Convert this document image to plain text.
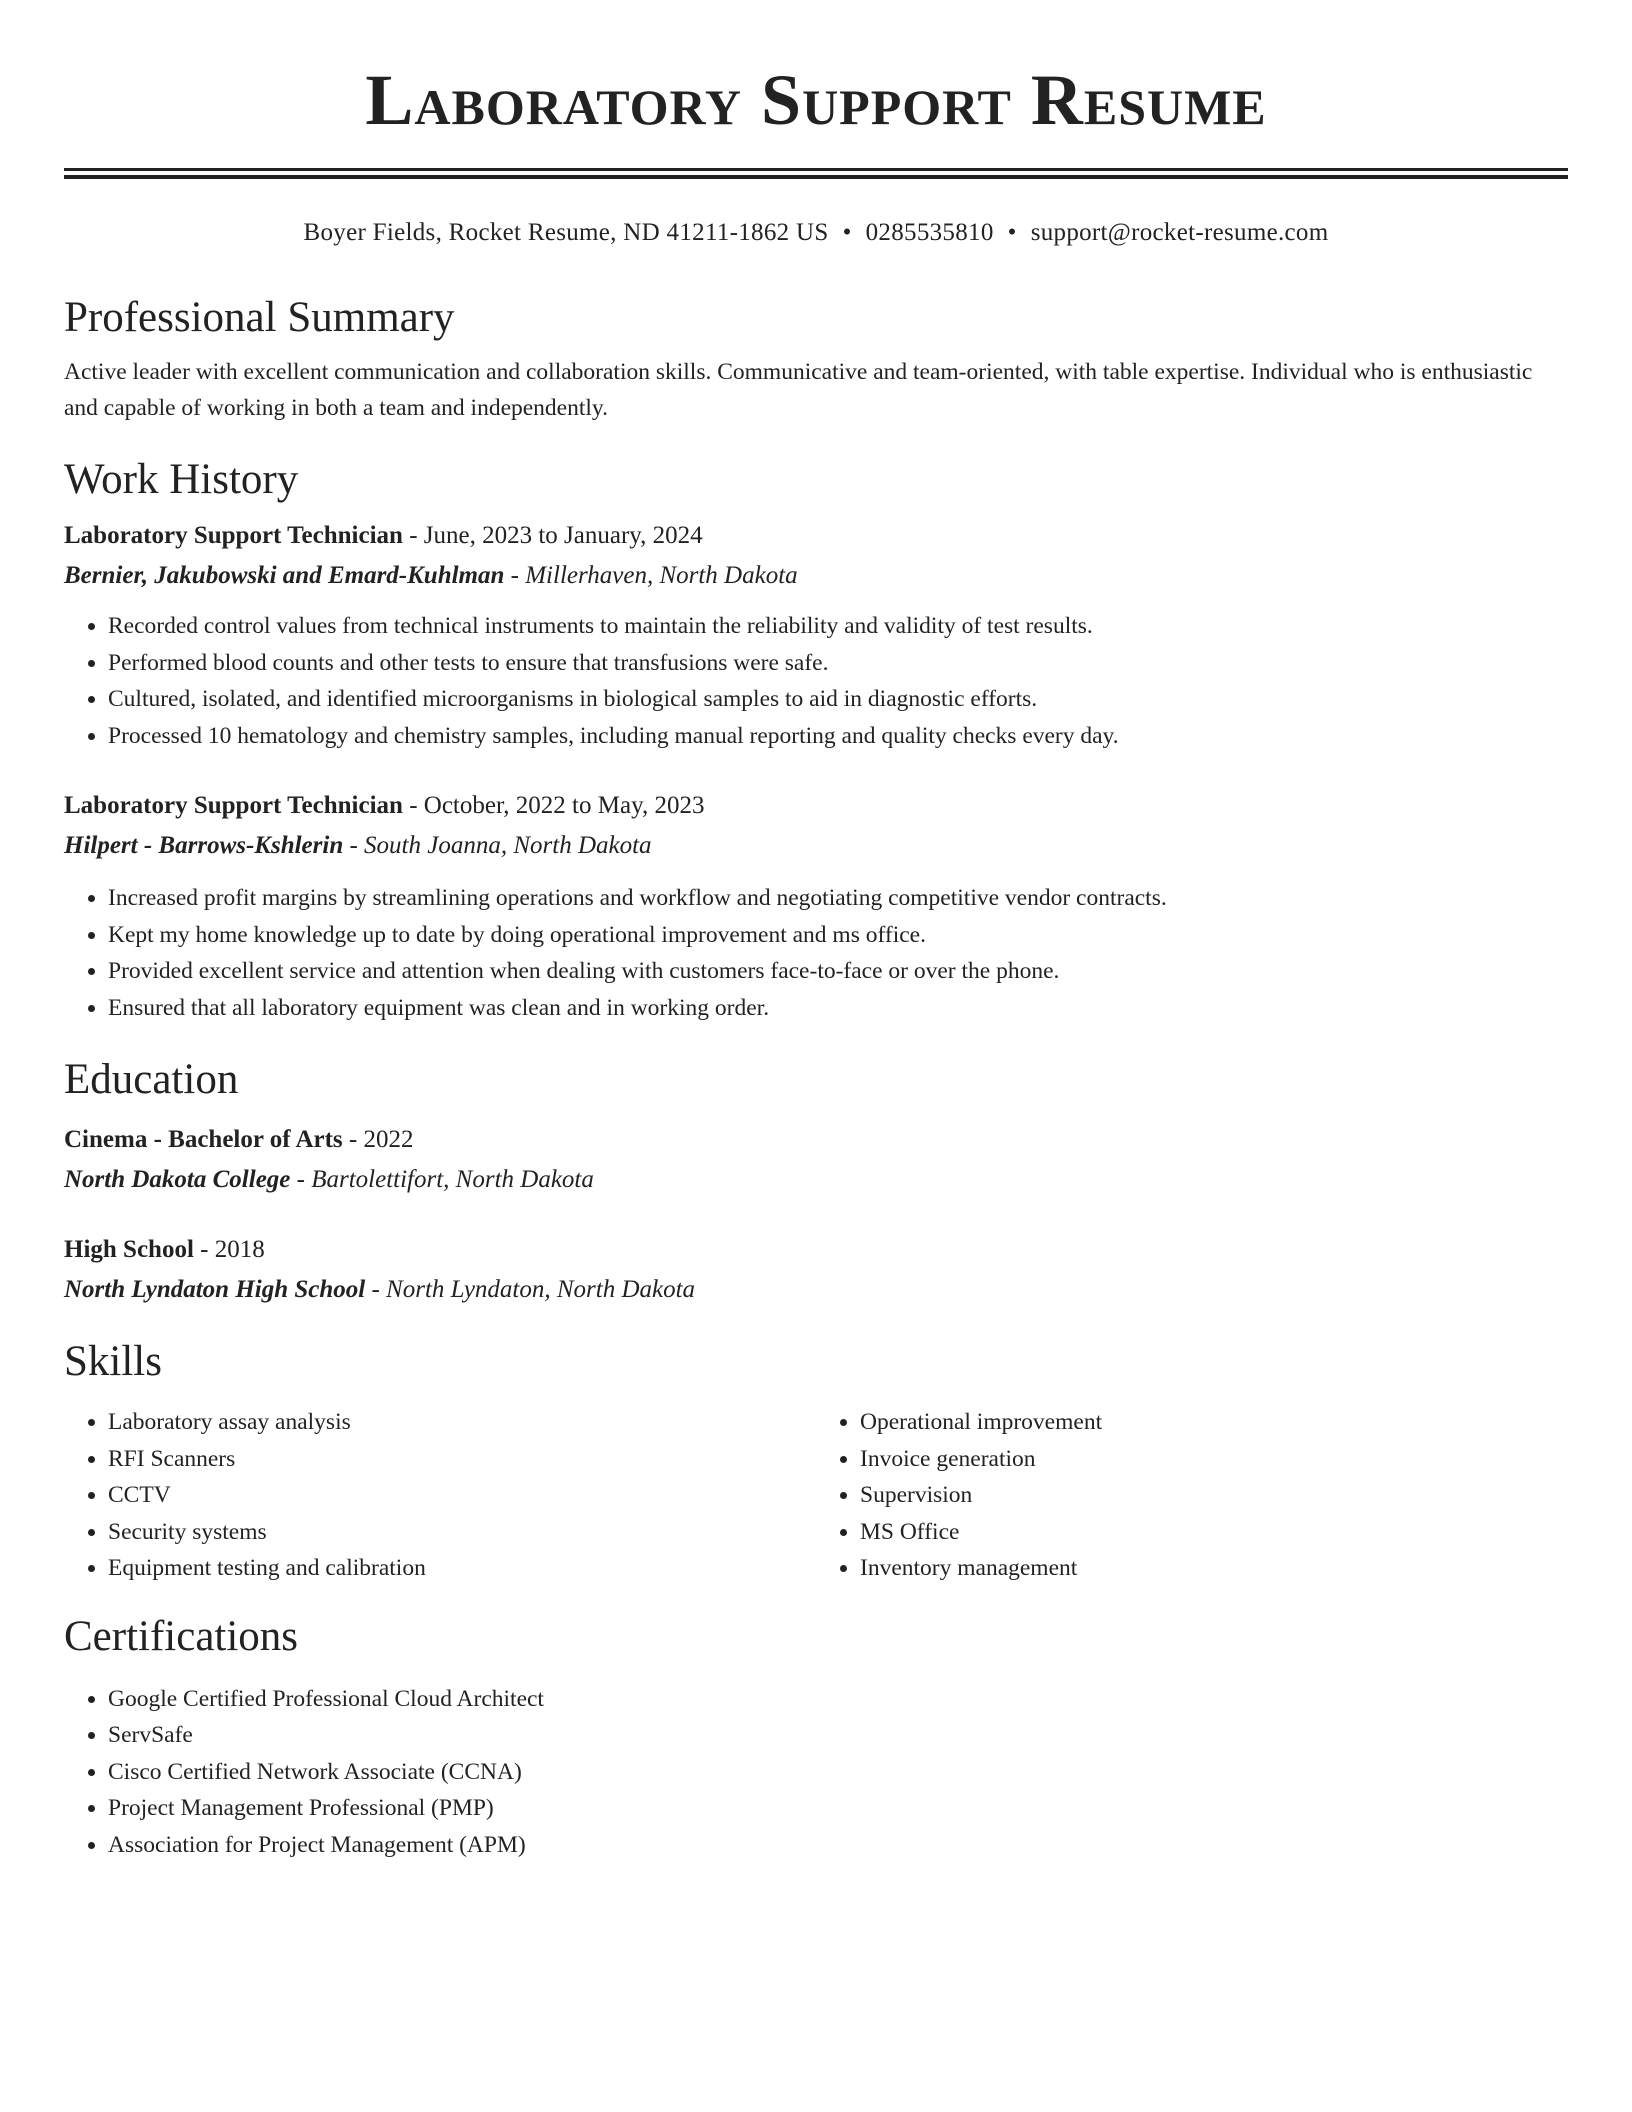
Laboratory Support Resume
Boyer Fields, Rocket Resume, ND 41211-1862 US • 0285535810 • support@rocket-resume.com
Professional Summary

Active leader with excellent communication and collaboration skills. Communicative and team-oriented, with table expertise. Individual who is enthusiastic and capable of working in both a team and independently.

Work History
Laboratory Support Technician - June, 2023 to January, 2024
Bernier, Jakubowski and Emard-Kuhlman - Millerhaven, North Dakota
• Recorded control values from technical instruments to maintain the reliability and validity of test results.
• Performed blood counts and other tests to ensure that transfusions were safe.
• Cultured, isolated, and identified microorganisms in biological samples to aid in diagnostic efforts.
• Processed 10 hematology and chemistry samples, including manual reporting and quality checks every day.
Laboratory Support Technician - October, 2022 to May, 2023
Hilpert - Barrows-Kshlerin - South Joanna, North Dakota
• Increased profit margins by streamlining operations and workflow and negotiating competitive vendor contracts.
• Kept my home knowledge up to date by doing operational improvement and ms office.
• Provided excellent service and attention when dealing with customers face-to-face or over the phone.
• Ensured that all laboratory equipment was clean and in working order.
Education
Cinema - Bachelor of Arts - 2022
North Dakota College - Bartolettifort, North Dakota
High School - 2018
North Lyndaton High School - North Lyndaton, North Dakota
Skills
• Laboratory assay analysis
• RFI Scanners
• CCTV
• Security systems
• Equipment testing and calibration
• Operational improvement
• Invoice generation
• Supervision
• MS Office
• Inventory management
Certifications
• Google Certified Professional Cloud Architect
• ServSafe
• Cisco Certified Network Associate (CCNA)
• Project Management Professional (PMP)
• Association for Project Management (APM)
